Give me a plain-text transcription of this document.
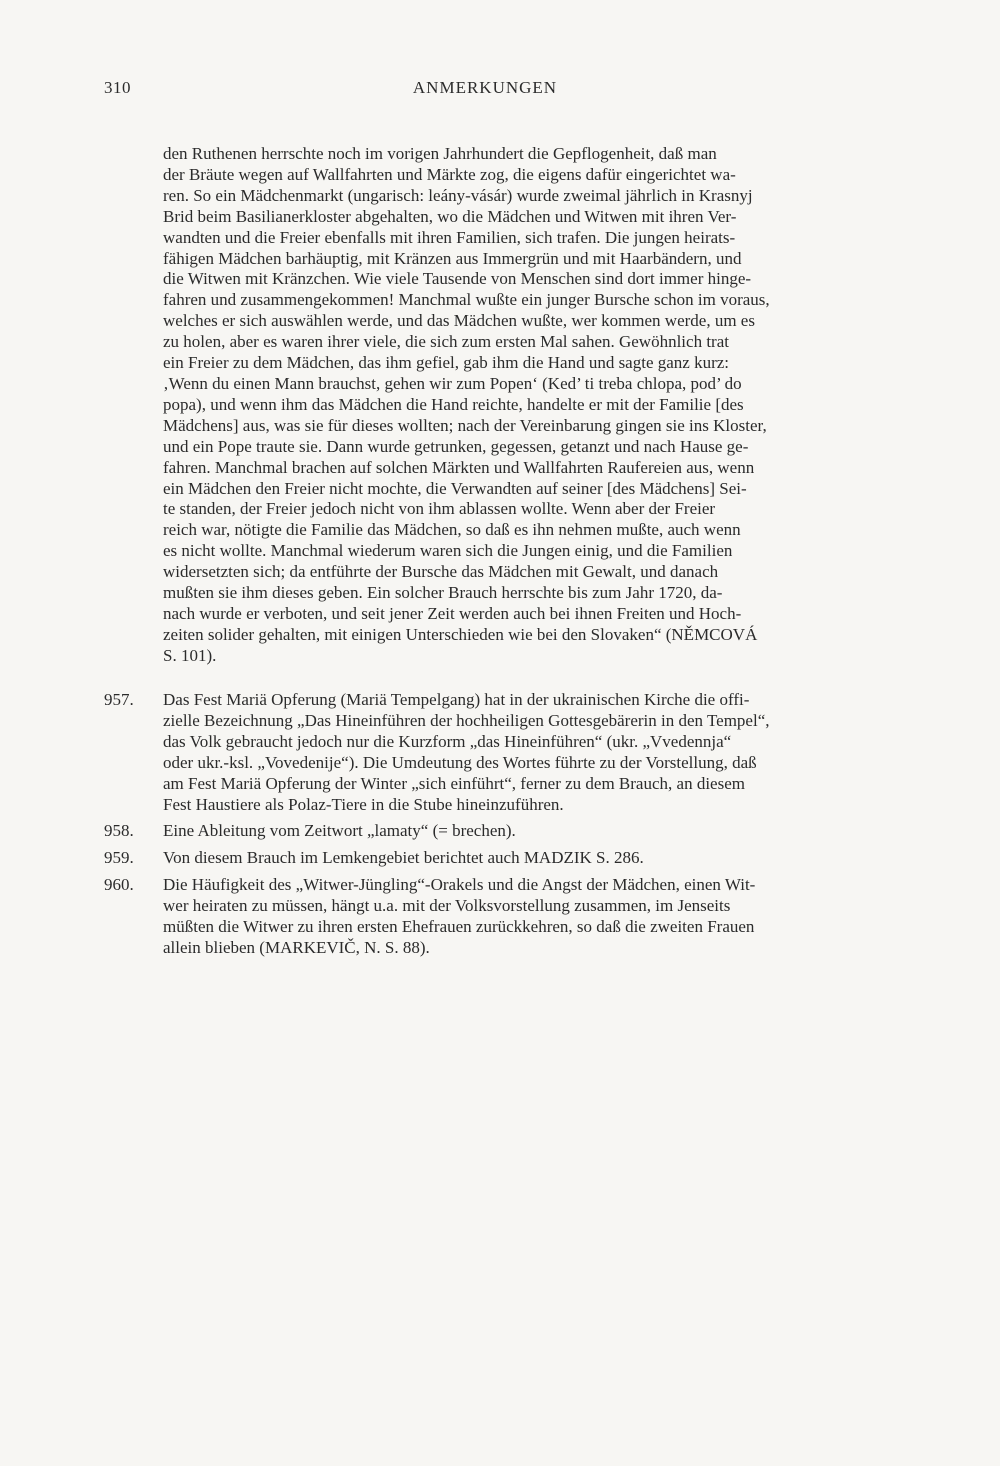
310	ANMERKUNGEN

den Ruthenen herrschte noch im vorigen Jahrhundert die Gepflogenheit, daß man
der Bräute wegen auf Wallfahrten und Märkte zog, die eigens dafür eingerichtet wa-
ren. So ein Mädchenmarkt (ungarisch: leány-vásár) wurde zweimal jährlich in Krasnyj
Brid beim Basilianerkloster abgehalten, wo die Mädchen und Witwen mit ihren Ver-
wandten und die Freier ebenfalls mit ihren Familien, sich trafen. Die jungen heirats-
fähigen Mädchen barhäuptig, mit Kränzen aus Immergrün und mit Haarbändern, und
die Witwen mit Kränzchen. Wie viele Tausende von Menschen sind dort immer hinge-
fahren und zusammengekommen! Manchmal wußte ein junger Bursche schon im voraus,
welches er sich auswählen werde, und das Mädchen wußte, wer kommen werde, um es
zu holen, aber es waren ihrer viele, die sich zum ersten Mal sahen. Gewöhnlich trat
ein Freier zu dem Mädchen, das ihm gefiel, gab ihm die Hand und sagte ganz kurz:
‚Wenn du einen Mann brauchst, gehen wir zum Popen‘ (Ked’ ti treba chlopa, pod’ do
popa), und wenn ihm das Mädchen die Hand reichte, handelte er mit der Familie [des
Mädchens] aus, was sie für dieses wollten; nach der Vereinbarung gingen sie ins Kloster,
und ein Pope traute sie. Dann wurde getrunken, gegessen, getanzt und nach Hause ge-
fahren. Manchmal brachen auf solchen Märkten und Wallfahrten Raufereien aus, wenn
ein Mädchen den Freier nicht mochte, die Verwandten auf seiner [des Mädchens] Sei-
te standen, der Freier jedoch nicht von ihm ablassen wollte. Wenn aber der Freier
reich war, nötigte die Familie das Mädchen, so daß es ihn nehmen mußte, auch wenn
es nicht wollte. Manchmal wiederum waren sich die Jungen einig, und die Familien
widersetzten sich; da entführte der Bursche das Mädchen mit Gewalt, und danach
mußten sie ihm dieses geben. Ein solcher Brauch herrschte bis zum Jahr 1720, da-
nach wurde er verboten, und seit jener Zeit werden auch bei ihnen Freiten und Hoch-
zeiten solider gehalten, mit einigen Unterschieden wie bei den Slovaken“ (NĚMCOVÁ
S. 101).

957.	Das Fest Mariä Opferung (Mariä Tempelgang) hat in der ukrainischen Kirche die offi-
zielle Bezeichnung „Das Hineinführen der hochheiligen Gottesgebärerin in den Tempel“,
das Volk gebraucht jedoch nur die Kurzform „das Hineinführen“ (ukr. „Vvedennja“
oder ukr.-ksl. „Vovedenije“). Die Umdeutung des Wortes führte zu der Vorstellung, daß
am Fest Mariä Opferung der Winter „sich einführt“, ferner zu dem Brauch, an diesem
Fest Haustiere als Polaz-Tiere in die Stube hineinzuführen.

958.	Eine Ableitung vom Zeitwort „lamaty“ (= brechen).

959.	Von diesem Brauch im Lemkengebiet berichtet auch MADZIK S. 286.

960.	Die Häufigkeit des „Witwer-Jüngling“-Orakels und die Angst der Mädchen, einen Wit-
wer heiraten zu müssen, hängt u.a. mit der Volksvorstellung zusammen, im Jenseits
müßten die Witwer zu ihren ersten Ehefrauen zurückkehren, so daß die zweiten Frauen
allein blieben (MARKEVIČ, N. S. 88).
